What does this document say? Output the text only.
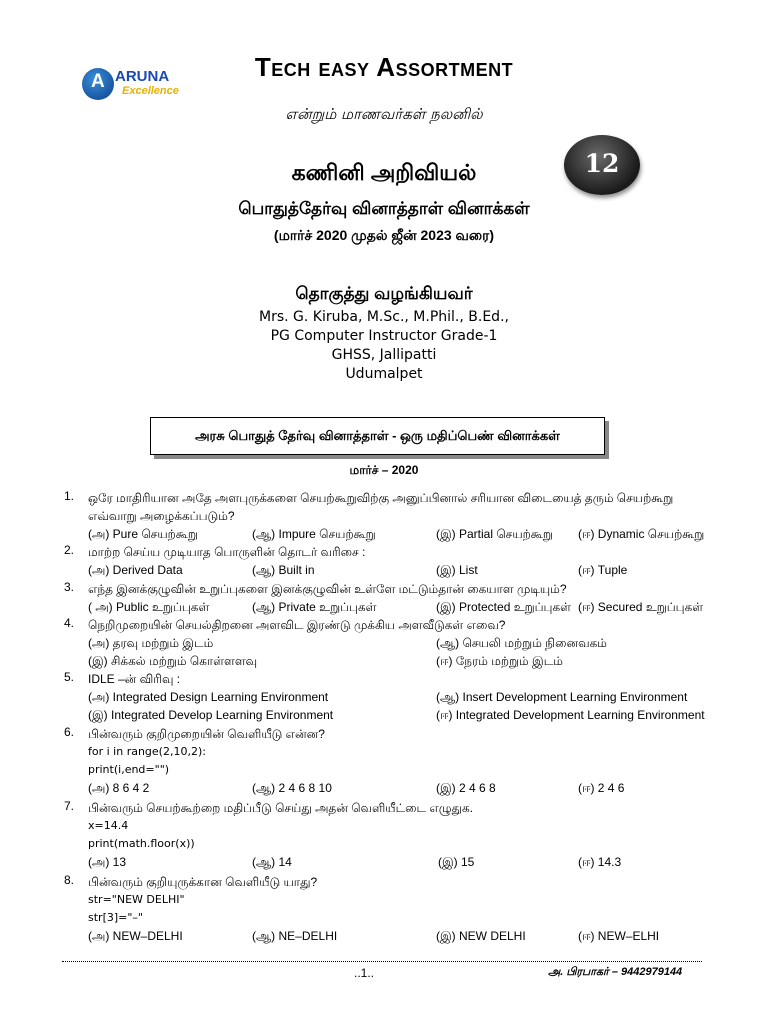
A ARUNA
Excellence
Tech easy Assortment
என்றும் மாணவர்கள் நலனில்
12
கணினி அறிவியல்
பொதுத்தேர்வு வினாத்தாள் வினாக்கள்
(மார்ச் 2020 முதல் ஜீன் 2023 வரை)
தொகுத்து வழங்கியவர்
Mrs. G. Kiruba, M.Sc., M.Phil., B.Ed.,
PG Computer Instructor Grade-1
GHSS, Jallipatti
Udumalpet
அரசு பொதுத் தேர்வு வினாத்தாள் - ஒரு மதிப்பெண் வினாக்கள்
மார்ச் – 2020
1. ஒரே மாதிரியான அதே அளபுருக்களை செயற்கூறுவிற்கு அனுப்பினால் சரியான விடையைத் தரும் செயற்கூறு
எவ்வாறு அழைக்கப்படும்?
(அ) Pure செயற்கூறு	(ஆ) Impure செயற்கூறு	(இ) Partial செயற்கூறு (ஈ) Dynamic செயற்கூறு
2. மாற்ற செய்ய முடியாத பொருளின் தொடர் வரிசை :
(அ) Derived Data	(ஆ) Built in	(இ) List	(ஈ) Tuple
3. எந்த இனக்குழுவின் உறுப்புகளை இனக்குழுவின் உள்ளே மட்டும்தான் கையாள முடியும்?
( அ) Public உறுப்புகள்	(ஆ) Private உறுப்புகள்	(இ) Protected உறுப்புகள் (ஈ) Secured உறுப்புகள்
4. நெறிமுறையின் செயல்திறனை அளவிட இரண்டு முக்கிய அளவீடுகள் எவை?
(அ) தரவு மற்றும் இடம்	(ஆ) செயலி மற்றும் நினைவகம்
(இ) சிக்கல் மற்றும் கொள்ளளவு	(ஈ) நேரம் மற்றும் இடம்
5. IDLE –ன் விரிவு :
(அ) Integrated Design Learning Environment	(ஆ) Insert Development Learning Environment
(இ) Integrated Develop Learning Environment	(ஈ) Integrated Development Learning Environment
6. பின்வரும் குறிமுறையின் வெளியீடு என்ன?
for i in range(2,10,2):
print(i,end="")
(அ) 8 6 4 2	(ஆ) 2 4 6 8 10	(இ) 2 4 6 8	(ஈ) 2 4 6
7. பின்வரும் செயற்கூற்றை மதிப்பீடு செய்து அதன் வெளியீட்டை எழுதுக.
x=14.4
print(math.floor(x))
(அ) 13	(ஆ) 14	(இ) 15	(ஈ) 14.3
8. பின்வரும் குறியுருக்கான வெளியீடு யாது?
str="NEW DELHI"
str[3]="–"
(அ) NEW–DELHI	(ஆ) NE–DELHI	(இ) NEW DELHI	(ஈ) NEW–ELHI
..1..	அ. பிரபாகர் – 9442979144
